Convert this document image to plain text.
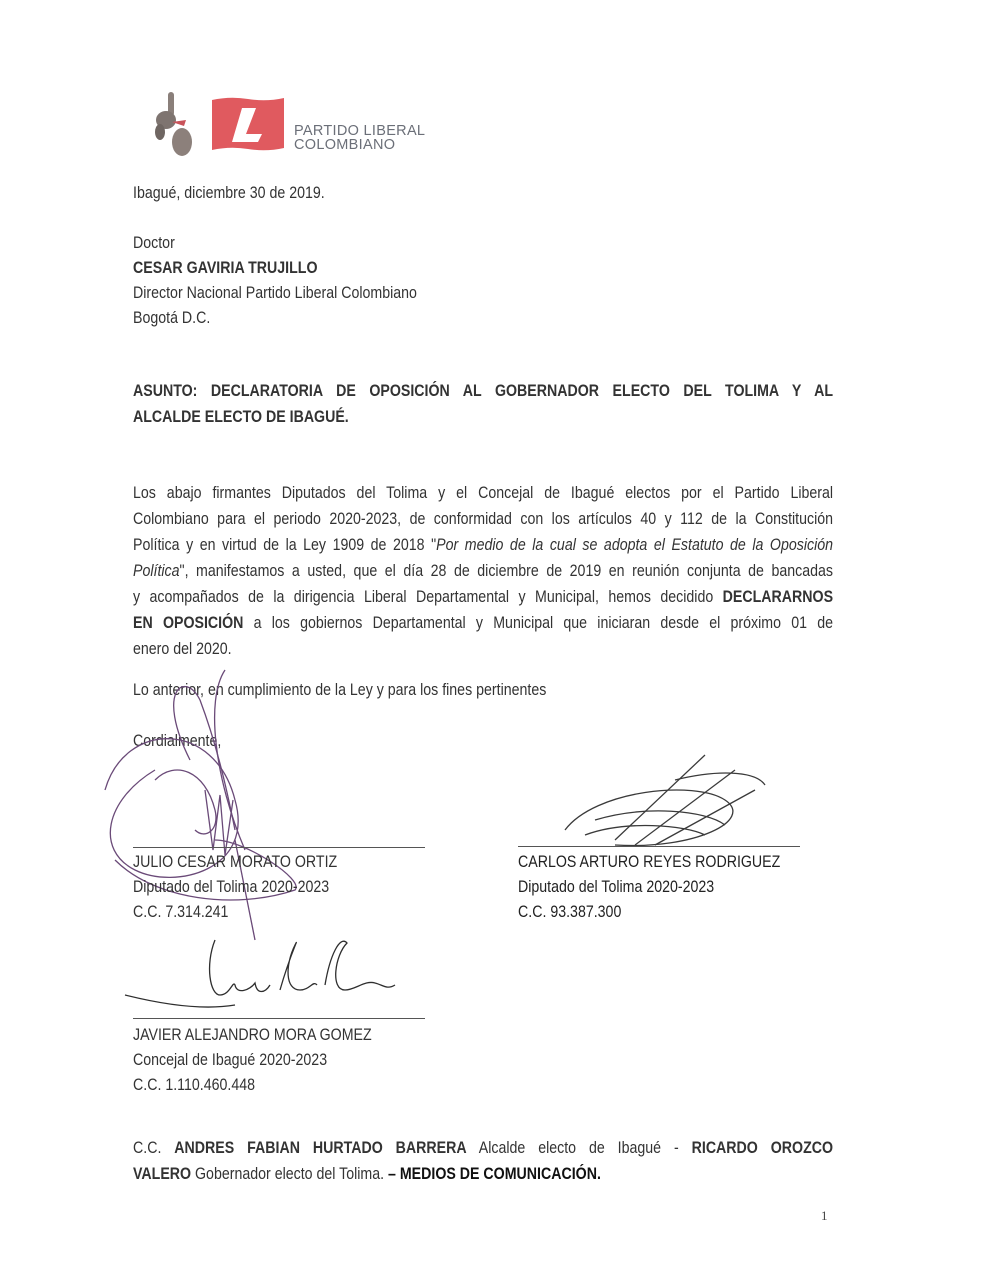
PARTIDO LIBERAL
COLOMBIANO
Ibagué, diciembre 30 de 2019.
Doctor
CESAR GAVIRIA TRUJILLO
Director Nacional Partido Liberal Colombiano
Bogotá D.C.
ASUNTO: DECLARATORIA DE OPOSICIÓN AL GOBERNADOR ELECTO DEL TOLIMA Y AL
ALCALDE ELECTO DE IBAGUÉ.
Los abajo firmantes Diputados del Tolima y el Concejal de Ibagué electos por el Partido Liberal
Colombiano para el periodo 2020-2023, de conformidad con los artículos 40 y 112 de la Constitución
Política y en virtud de la Ley 1909 de 2018 "Por medio de la cual se adopta el Estatuto de la Oposición
Política", manifestamos a usted, que el día 28 de diciembre de 2019 en reunión conjunta de bancadas
y acompañados de la dirigencia Liberal Departamental y Municipal, hemos decidido DECLARARNOS
EN OPOSICIÓN a los gobiernos Departamental y Municipal que iniciaran desde el próximo 01 de
enero del 2020.
Lo anterior, en cumplimiento de la Ley y para los fines pertinentes
Cordialmente,
JULIO CESAR MORATO ORTIZ
Diputado del Tolima 2020-2023
C.C. 7.314.241
CARLOS ARTURO REYES RODRIGUEZ
Diputado del Tolima 2020-2023
C.C. 93.387.300
JAVIER ALEJANDRO MORA GOMEZ
Concejal de Ibagué 2020-2023
C.C. 1.110.460.448
C.C. ANDRES FABIAN HURTADO BARRERA Alcalde electo de Ibagué - RICARDO OROZCO
VALERO Gobernador electo del Tolima. – MEDIOS DE COMUNICACIÓN.
1
